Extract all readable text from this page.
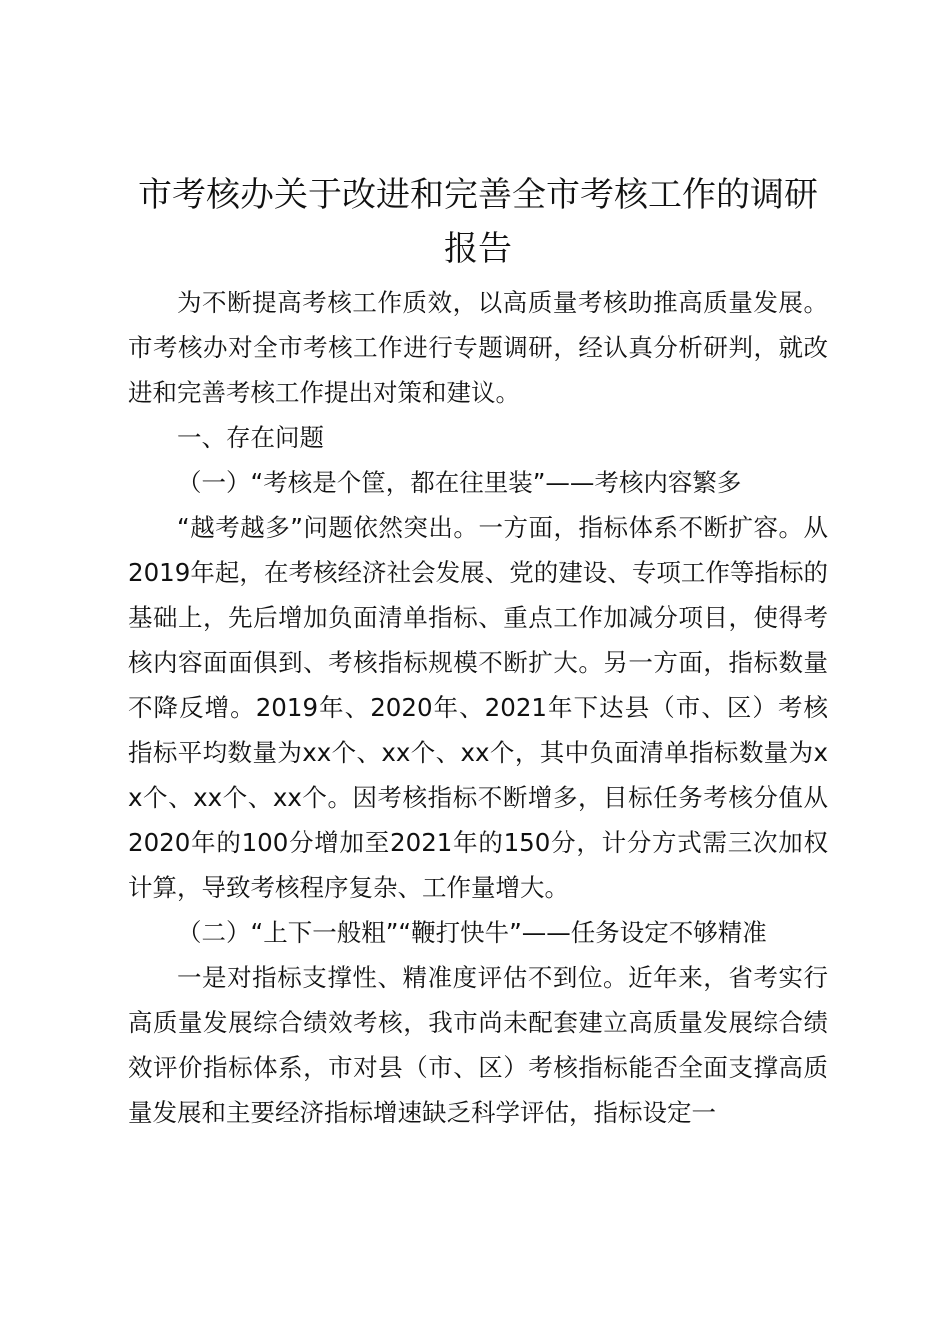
市考核办关于改进和完善全市考核工作的调研报告

为不断提高考核工作质效，以高质量考核助推高质量发展。市考核办对全市考核工作进行专题调研，经认真分析研判，就改进和完善考核工作提出对策和建议。

一、存在问题

（一）“考核是个筐，都在往里装”——考核内容繁多

“越考越多”问题依然突出。一方面，指标体系不断扩容。从2019年起，在考核经济社会发展、党的建设、专项工作等指标的基础上，先后增加负面清单指标、重点工作加减分项目，使得考核内容面面俱到、考核指标规模不断扩大。另一方面，指标数量不降反增。2019年、2020年、2021年下达县（市、区）考核指标平均数量为xx个、xx个、xx个，其中负面清单指标数量为xx个、xx个、xx个。因考核指标不断增多，目标任务考核分值从2020年的100分增加至2021年的150分，计分方式需三次加权计算，导致考核程序复杂、工作量增大。

（二）“上下一般粗”“鞭打快牛”——任务设定不够精准

一是对指标支撑性、精准度评估不到位。近年来，省考实行高质量发展综合绩效考核，我市尚未配套建立高质量发展综合绩效评价指标体系，市对县（市、区）考核指标能否全面支撑高质量发展和主要经济指标增速缺乏科学评估，指标设定一
